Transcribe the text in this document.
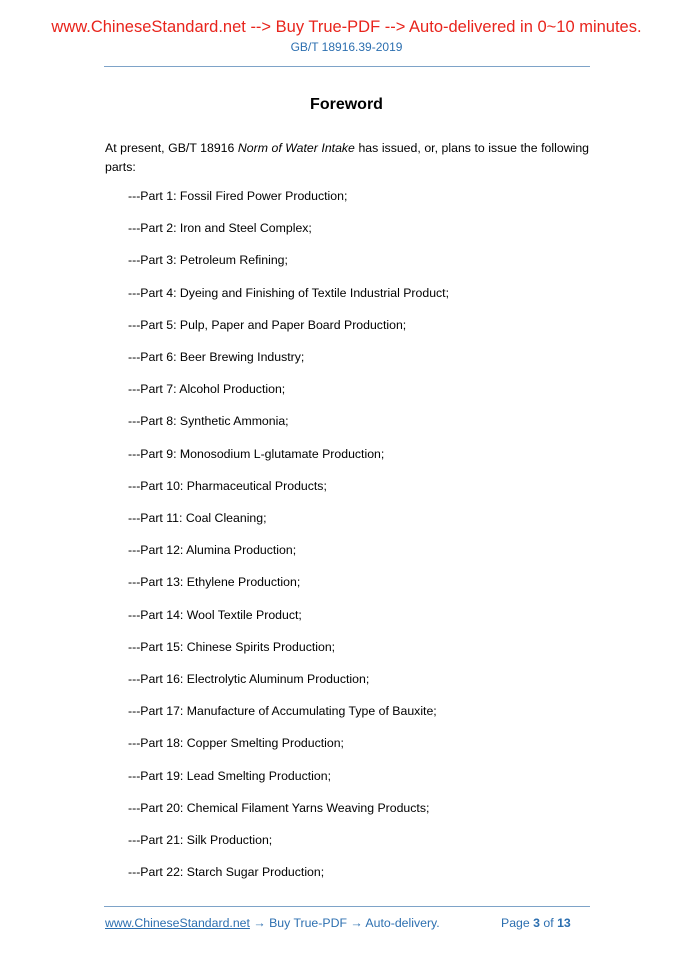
www.ChineseStandard.net --> Buy True-PDF --> Auto-delivered in 0~10 minutes.
GB/T 18916.39-2019
Foreword
At present, GB/T 18916 Norm of Water Intake has issued, or, plans to issue the following parts:
---Part 1: Fossil Fired Power Production;
---Part 2: Iron and Steel Complex;
---Part 3: Petroleum Refining;
---Part 4: Dyeing and Finishing of Textile Industrial Product;
---Part 5: Pulp, Paper and Paper Board Production;
---Part 6: Beer Brewing Industry;
---Part 7: Alcohol Production;
---Part 8: Synthetic Ammonia;
---Part 9: Monosodium L-glutamate Production;
---Part 10: Pharmaceutical Products;
---Part 11: Coal Cleaning;
---Part 12: Alumina Production;
---Part 13: Ethylene Production;
---Part 14: Wool Textile Product;
---Part 15: Chinese Spirits Production;
---Part 16: Electrolytic Aluminum Production;
---Part 17: Manufacture of Accumulating Type of Bauxite;
---Part 18: Copper Smelting Production;
---Part 19: Lead Smelting Production;
---Part 20: Chemical Filament Yarns Weaving Products;
---Part 21: Silk Production;
---Part 22: Starch Sugar Production;
www.ChineseStandard.net → Buy True-PDF → Auto-delivery.	Page 3 of 13
